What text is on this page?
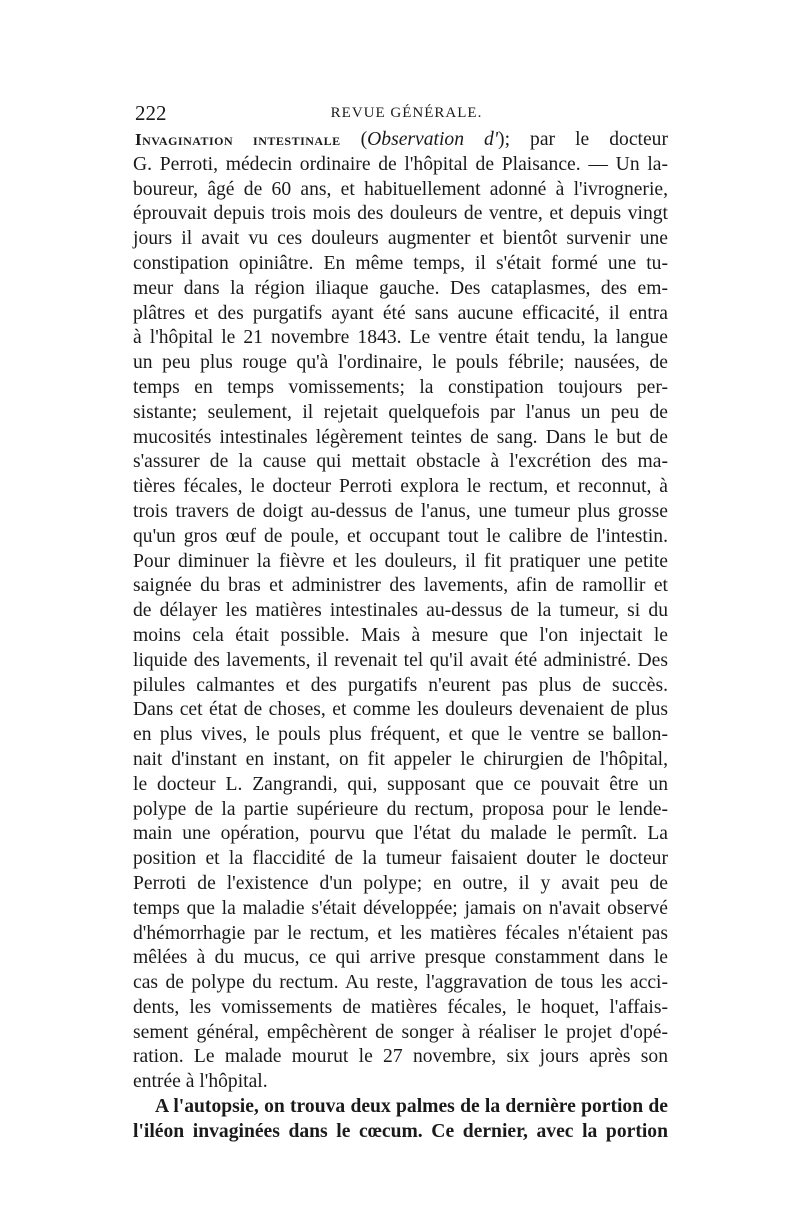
222	REVUE GÉNÉRALE.
Invagination intestinale (Observation d'); par le docteur
G. Perroti, médecin ordinaire de l'hôpital de Plaisance. — Un la-
boureur, âgé de 60 ans, et habituellement adonné à l'ivrognerie,
éprouvait depuis trois mois des douleurs de ventre, et depuis vingt
jours il avait vu ces douleurs augmenter et bientôt survenir une
constipation opiniâtre. En même temps, il s'était formé une tu-
meur dans la région iliaque gauche. Des cataplasmes, des em-
plâtres et des purgatifs ayant été sans aucune efficacité, il entra
à l'hôpital le 21 novembre 1843. Le ventre était tendu, la langue
un peu plus rouge qu'à l'ordinaire, le pouls fébrile; nausées, de
temps en temps vomissements; la constipation toujours per-
sistante; seulement, il rejetait quelquefois par l'anus un peu de
mucosités intestinales légèrement teintes de sang. Dans le but de
s'assurer de la cause qui mettait obstacle à l'excrétion des ma-
tières fécales, le docteur Perroti explora le rectum, et reconnut, à
trois travers de doigt au-dessus de l'anus, une tumeur plus grosse
qu'un gros œuf de poule, et occupant tout le calibre de l'intestin.
Pour diminuer la fièvre et les douleurs, il fit pratiquer une petite
saignée du bras et administrer des lavements, afin de ramollir et
de délayer les matières intestinales au-dessus de la tumeur, si du
moins cela était possible. Mais à mesure que l'on injectait le
liquide des lavements, il revenait tel qu'il avait été administré. Des
pilules calmantes et des purgatifs n'eurent pas plus de succès.
Dans cet état de choses, et comme les douleurs devenaient de plus
en plus vives, le pouls plus fréquent, et que le ventre se ballon-
nait d'instant en instant, on fit appeler le chirurgien de l'hôpital,
le docteur L. Zangrandi, qui, supposant que ce pouvait être un
polype de la partie supérieure du rectum, proposa pour le lende-
main une opération, pourvu que l'état du malade le permît. La
position et la flaccidité de la tumeur faisaient douter le docteur
Perroti de l'existence d'un polype; en outre, il y avait peu de
temps que la maladie s'était développée; jamais on n'avait observé
d'hémorrhagie par le rectum, et les matières fécales n'étaient pas
mêlées à du mucus, ce qui arrive presque constamment dans le
cas de polype du rectum. Au reste, l'aggravation de tous les acci-
dents, les vomissements de matières fécales, le hoquet, l'affais-
sement général, empêchèrent de songer à réaliser le projet d'opé-
ration. Le malade mourut le 27 novembre, six jours après son
entrée à l'hôpital.
A l'autopsie, on trouva deux palmes de la dernière portion de
l'iléon invaginées dans le cœcum. Ce dernier, avec la portion
